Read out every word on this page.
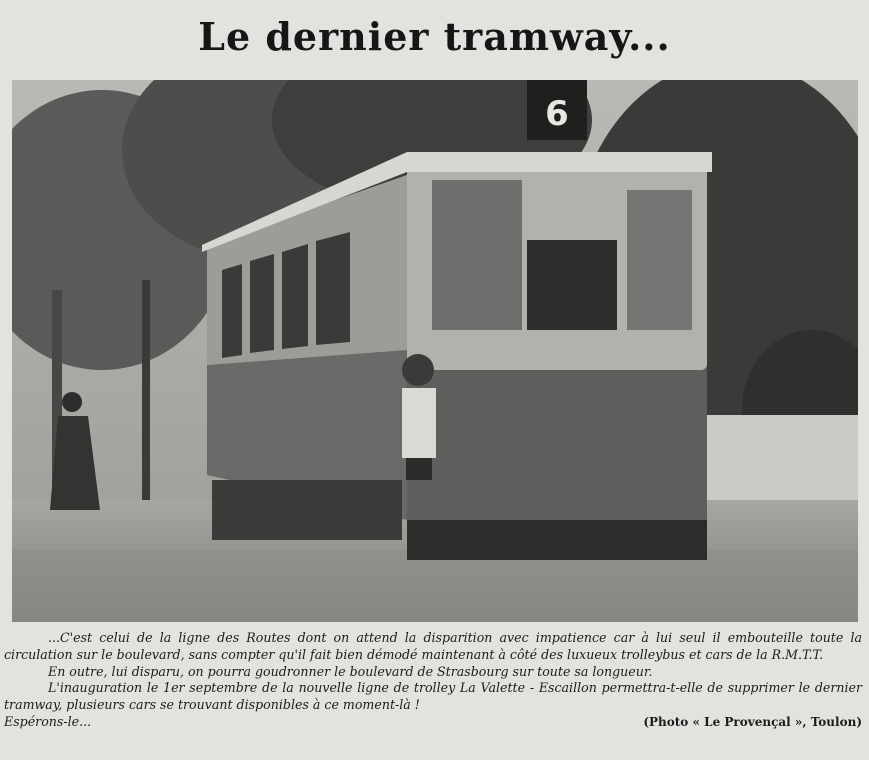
Le dernier tramway...
6

...C'est celui de la ligne des Routes dont on attend la disparition avec impatience car à lui seul il embouteille toute la circulation sur le boulevard, sans compter qu'il fait bien démodé maintenant à côté des luxueux trolleybus et cars de la R.M.T.T.

En outre, lui disparu, on pourra goudronner le boulevard de Strasbourg sur toute sa longueur.

L'inauguration le 1er septembre de la nouvelle ligne de trolley La Valette - Escaillon permettra-t-elle de supprimer le dernier tramway, plusieurs cars se trouvant disponibles à ce moment-là !

Espérons-le...	(Photo « Le Provençal », Toulon)
